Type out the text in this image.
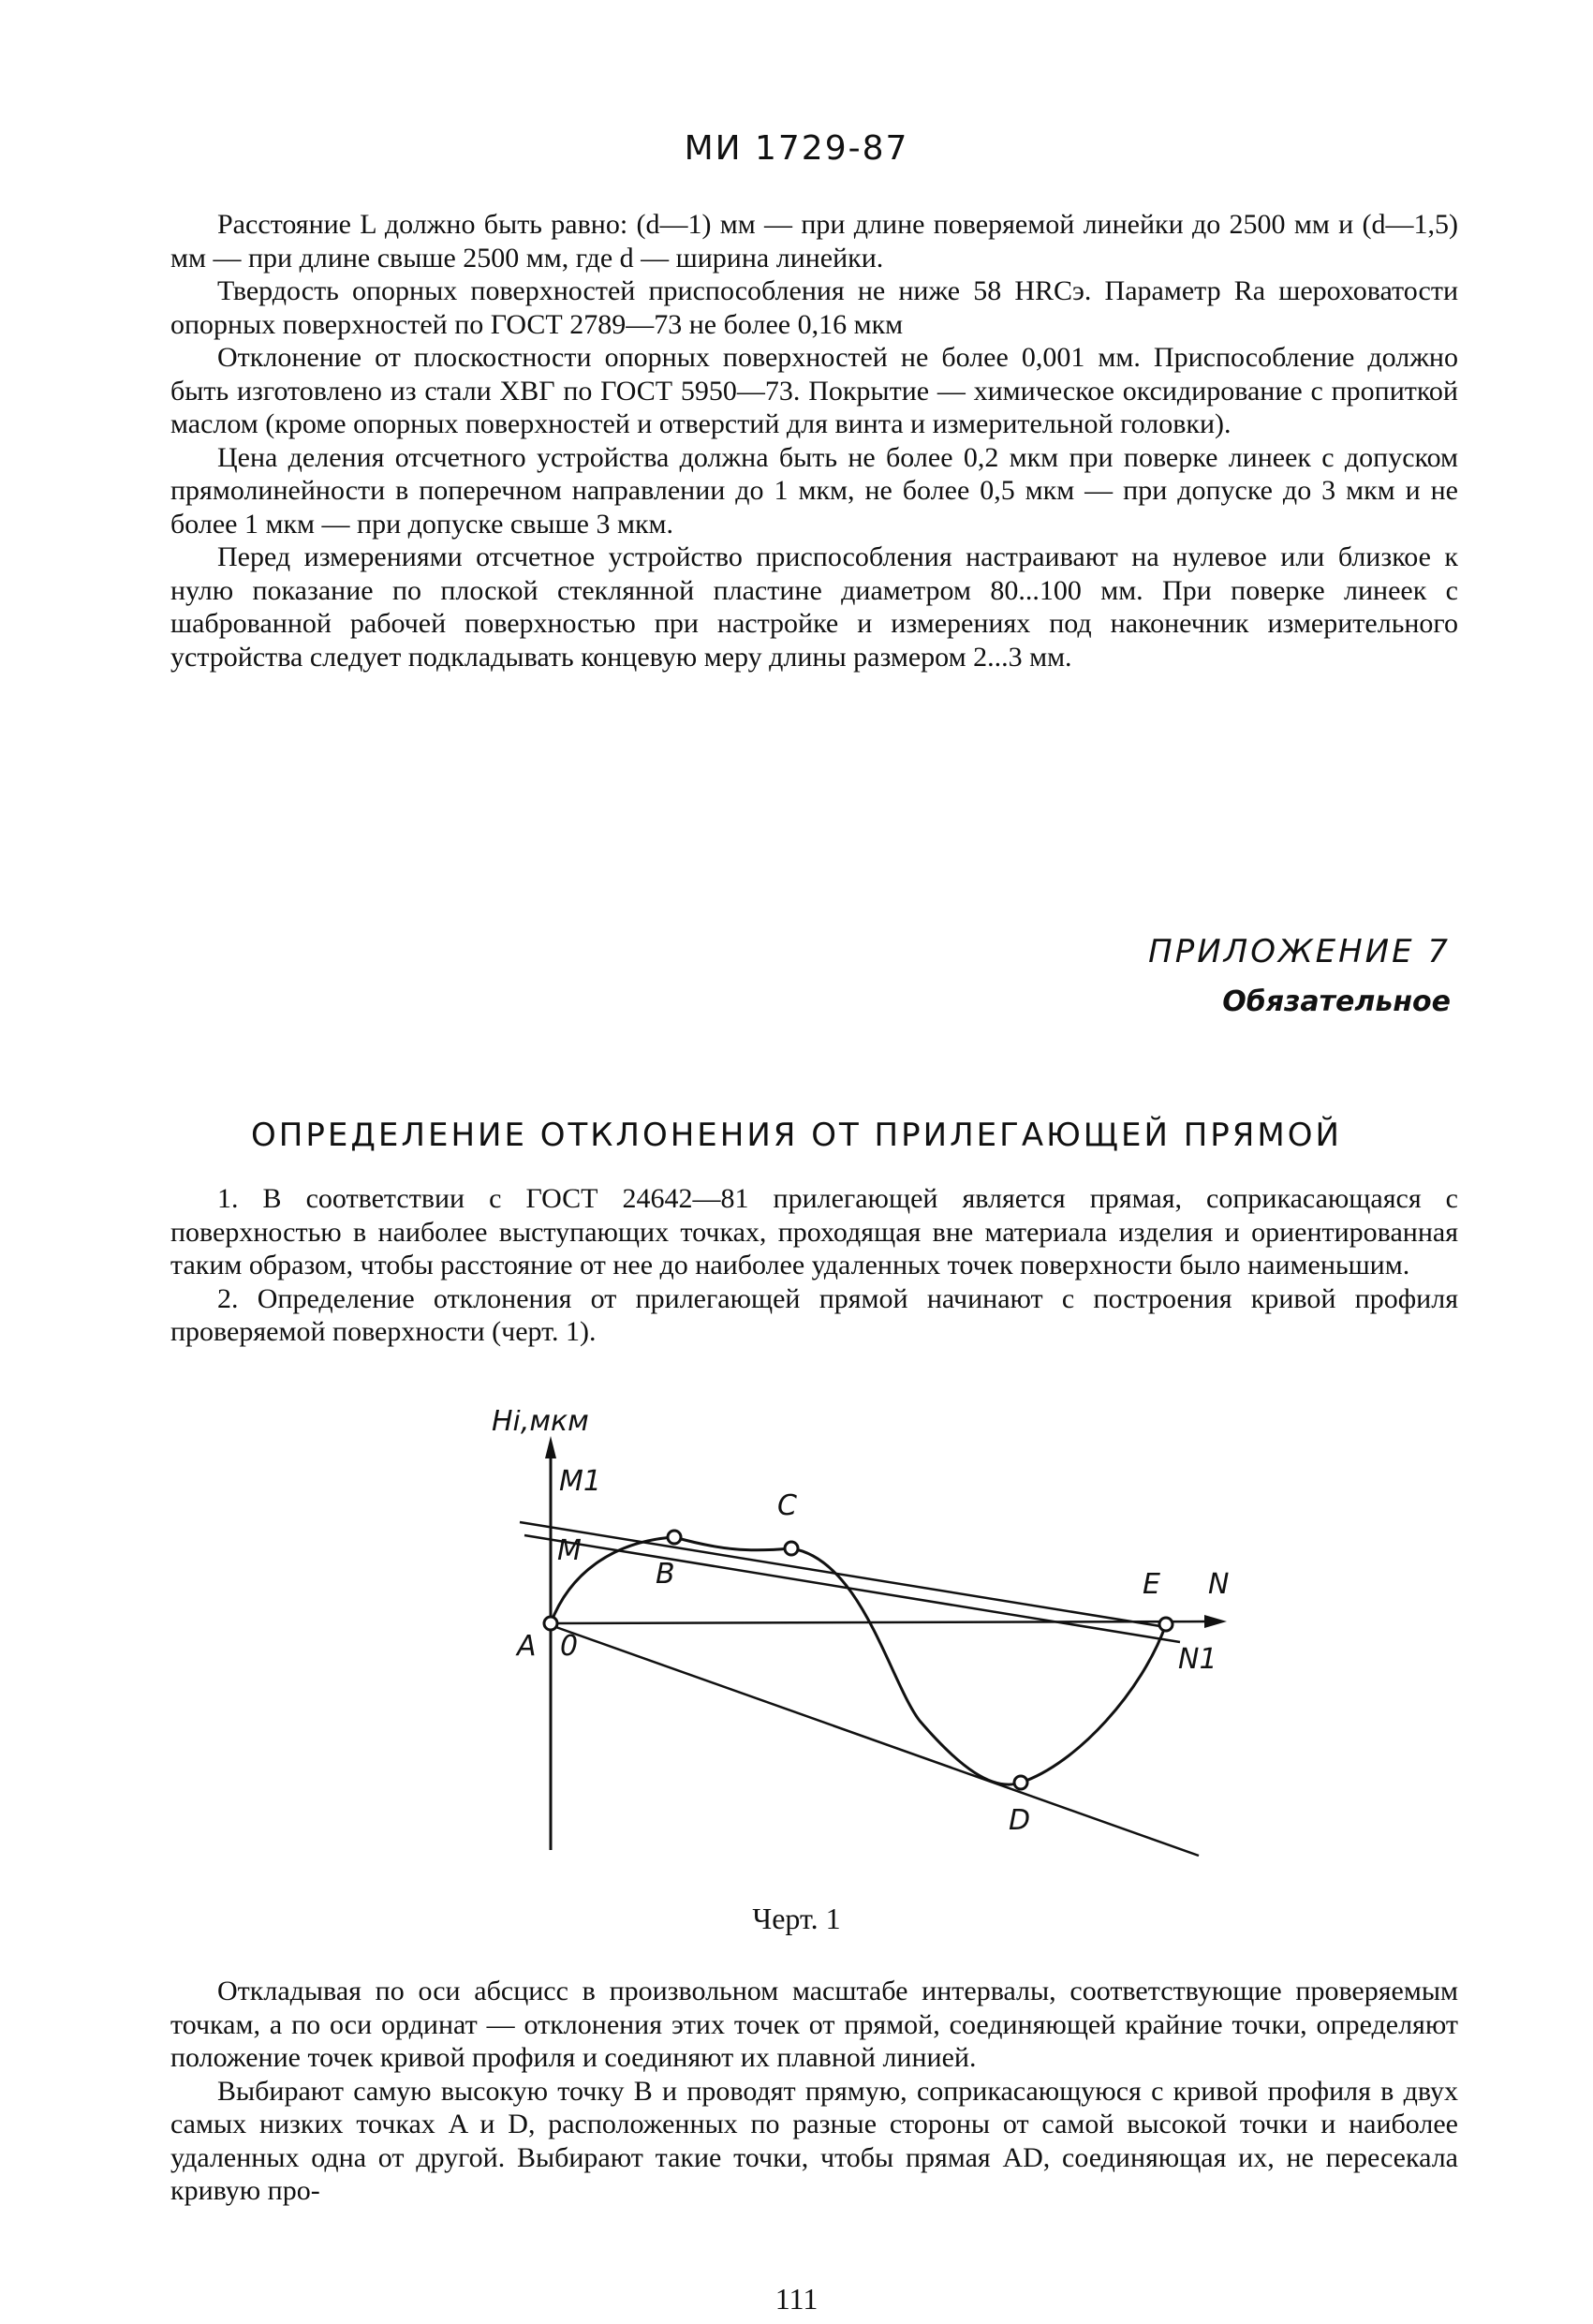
МИ 1729-87

Расстояние L должно быть равно: (d—1) мм — при длине поверяемой линейки до 2500 мм и (d—1,5) мм — при длине свыше 2500 мм, где d — ширина линейки.

Твердость опорных поверхностей приспособления не ниже 58 HRCэ. Параметр Ra шероховатости опорных поверхностей по ГОСТ 2789—73 не более 0,16 мкм

Отклонение от плоскостности опорных поверхностей не более 0,001 мм. Приспособление должно быть изготовлено из стали ХВГ по ГОСТ 5950—73. Покрытие — химическое оксидирование с пропиткой маслом (кроме опорных поверхностей и отверстий для винта и измерительной головки).

Цена деления отсчетного устройства должна быть не более 0,2 мкм при поверке линеек с допуском прямолинейности в поперечном направлении до 1 мкм, не более 0,5 мкм — при допуске до 3 мкм и не более 1 мкм — при допуске свыше 3 мкм.

Перед измерениями отсчетное устройство приспособления настраивают на нулевое или близкое к нулю показание по плоской стеклянной пластине диаметром 80...100 мм. При поверке линеек с шаброванной рабочей поверхностью при настройке и измерениях под наконечник измерительного устройства следует подкладывать концевую меру длины размером 2...3 мм.

ПРИЛОЖЕНИЕ 7
Обязательное
ОПРЕДЕЛЕНИЕ ОТКЛОНЕНИЯ ОТ ПРИЛЕГАЮЩЕЙ ПРЯМОЙ

1. В соответствии с ГОСТ 24642—81 прилегающей является прямая, соприкасающаяся с поверхностью в наиболее выступающих точках, проходящая вне материала изделия и ориентированная таким образом, чтобы расстояние от нее до наиболее удаленных точек поверхности было наименьшим.

2. Определение отклонения от прилегающей прямой начинают с построения кривой профиля проверяемой поверхности (черт. 1).

Hi,мкм
M1
M
B
C
E N
A 0	N1
D
Черт. 1

Откладывая по оси абсцисс в произвольном масштабе интервалы, соответствующие проверяемым точкам, а по оси ординат — отклонения этих точек от прямой, соединяющей крайние точки, определяют положение точек кривой профиля и соединяют их плавной линией.

Выбирают самую высокую точку B и проводят прямую, соприкасающуюся с кривой профиля в двух самых низких точках A и D, расположенных по разные стороны от самой высокой точки и наиболее удаленных одна от другой. Выбирают такие точки, чтобы прямая AD, соединяющая их, не пересекала кривую про-

111
